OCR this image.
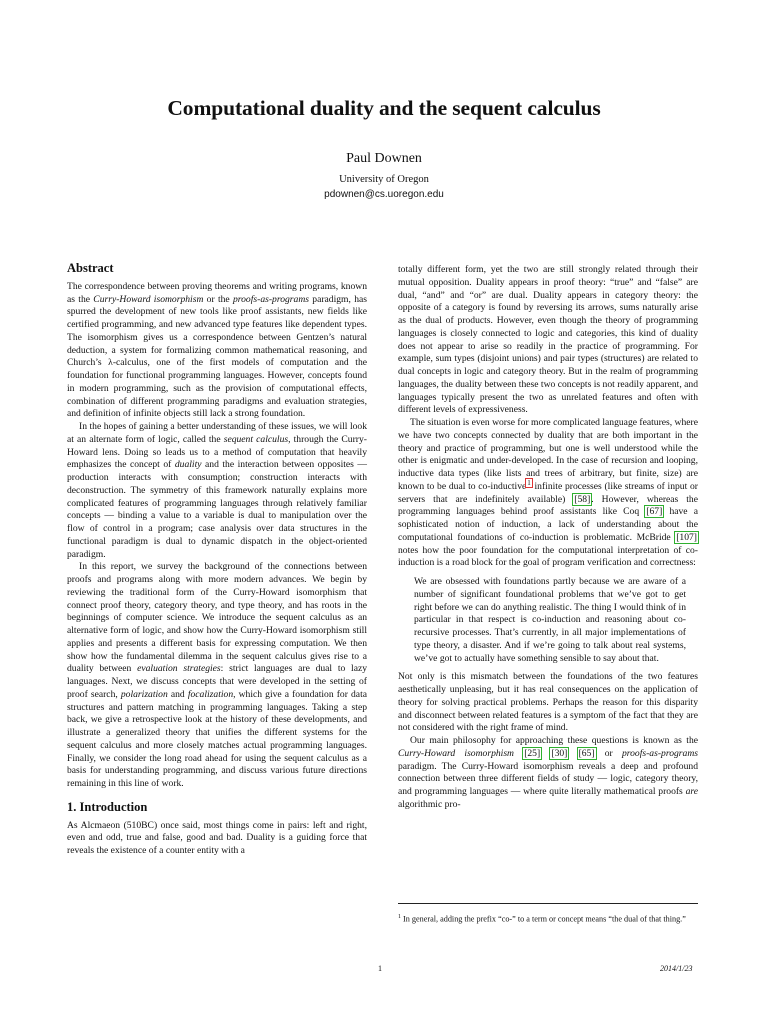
Computational duality and the sequent calculus
Paul Downen
University of Oregon
pdownen@cs.uoregon.edu
Abstract

The correspondence between proving theorems and writing programs, known as the Curry-Howard isomorphism or the proofs-as-programs paradigm, has spurred the development of new tools like proof assistants, new fields like certified programming, and new advanced type features like dependent types. The isomorphism gives us a correspondence between Gentzen’s natural deduction, a system for formalizing common mathematical reasoning, and Church’s λ-calculus, one of the first models of computation and the foundation for functional programming languages. However, concepts found in modern programming, such as the provision of computational effects, combination of different programming paradigms and evaluation strategies, and definition of infinite objects still lack a strong foundation.

In the hopes of gaining a better understanding of these issues, we will look at an alternate form of logic, called the sequent calculus, through the Curry-Howard lens. Doing so leads us to a method of computation that heavily emphasizes the concept of duality and the interaction between opposites — production interacts with consumption; construction interacts with deconstruction. The symmetry of this framework naturally explains more complicated features of programming languages through relatively familiar concepts — binding a value to a variable is dual to manipulation over the flow of control in a program; case analysis over data structures in the functional paradigm is dual to dynamic dispatch in the object-oriented paradigm.

In this report, we survey the background of the connections between proofs and programs along with more modern advances. We begin by reviewing the traditional form of the Curry-Howard isomorphism that connect proof theory, category theory, and type theory, and has roots in the beginnings of computer science. We introduce the sequent calculus as an alternative form of logic, and show how the Curry-Howard isomorphism still applies and presents a different basis for expressing computation. We then show how the fundamental dilemma in the sequent calculus gives rise to a duality between evaluation strategies: strict languages are dual to lazy languages. Next, we discuss concepts that were developed in the setting of proof search, polarization and focalization, which give a foundation for data structures and pattern matching in programming languages. Taking a step back, we give a retrospective look at the history of these developments, and illustrate a generalized theory that unifies the different systems for the sequent calculus and more closely matches actual programming languages. Finally, we consider the long road ahead for using the sequent calculus as a basis for understanding programming, and discuss various future directions remaining in this line of work.

1. Introduction

As Alcmaeon (510BC) once said, most things come in pairs: left and right, even and odd, true and false, good and bad. Duality is a guiding force that reveals the existence of a counter entity with a

totally different form, yet the two are still strongly related through their mutual opposition. Duality appears in proof theory: “true” and “false” are dual, “and” and “or” are dual. Duality appears in category theory: the opposite of a category is found by reversing its arrows, sums naturally arise as the dual of products. However, even though the theory of programming languages is closely connected to logic and categories, this kind of duality does not appear to arise so readily in the practice of programming. For example, sum types (disjoint unions) and pair types (structures) are related to dual concepts in logic and category theory. But in the realm of programming languages, the duality between these two concepts is not readily apparent, and languages typically present the two as unrelated features and often with different levels of expressiveness.

The situation is even worse for more complicated language features, where we have two concepts connected by duality that are both important in the theory and practice of programming, but one is well understood while the other is enigmatic and under-developed. In the case of recursion and looping, inductive data types (like lists and trees of arbitrary, but finite, size) are known to be dual to co-inductive$^1$ infinite processes (like streams of input or servers that are indefinitely available) [58]. However, whereas the programming languages behind proof assistants like Coq [67] have a sophisticated notion of induction, a lack of understanding about the computational foundations of co-induction is problematic. McBride [107] notes how the poor foundation for the computational interpretation of co-induction is a road block for the goal of program verification and correctness:

We are obsessed with foundations partly because we are aware of a number of significant foundational problems that we’ve got to get right before we can do anything realistic. The thing I would think of in particular in that respect is co-induction and reasoning about co-recursive processes. That’s currently, in all major implementations of type theory, a disaster. And if we’re going to talk about real systems, we’ve got to actually have something sensible to say about that.

Not only is this mismatch between the foundations of the two features aesthetically unpleasing, but it has real consequences on the application of theory for solving practical problems. Perhaps the reason for this disparity and disconnect between related features is a symptom of the fact that they are not considered with the right frame of mind.

Our main philosophy for approaching these questions is known as the Curry-Howard isomorphism [25] [30] [65] or proofs-as-programs paradigm. The Curry-Howard isomorphism reveals a deep and profound connection between three different fields of study — logic, category theory, and programming languages — where quite literally mathematical proofs are algorithmic pro-

$^1$ In general, adding the prefix “co-” to a term or concept means “the dual of that thing.”
1	2014/1/23
